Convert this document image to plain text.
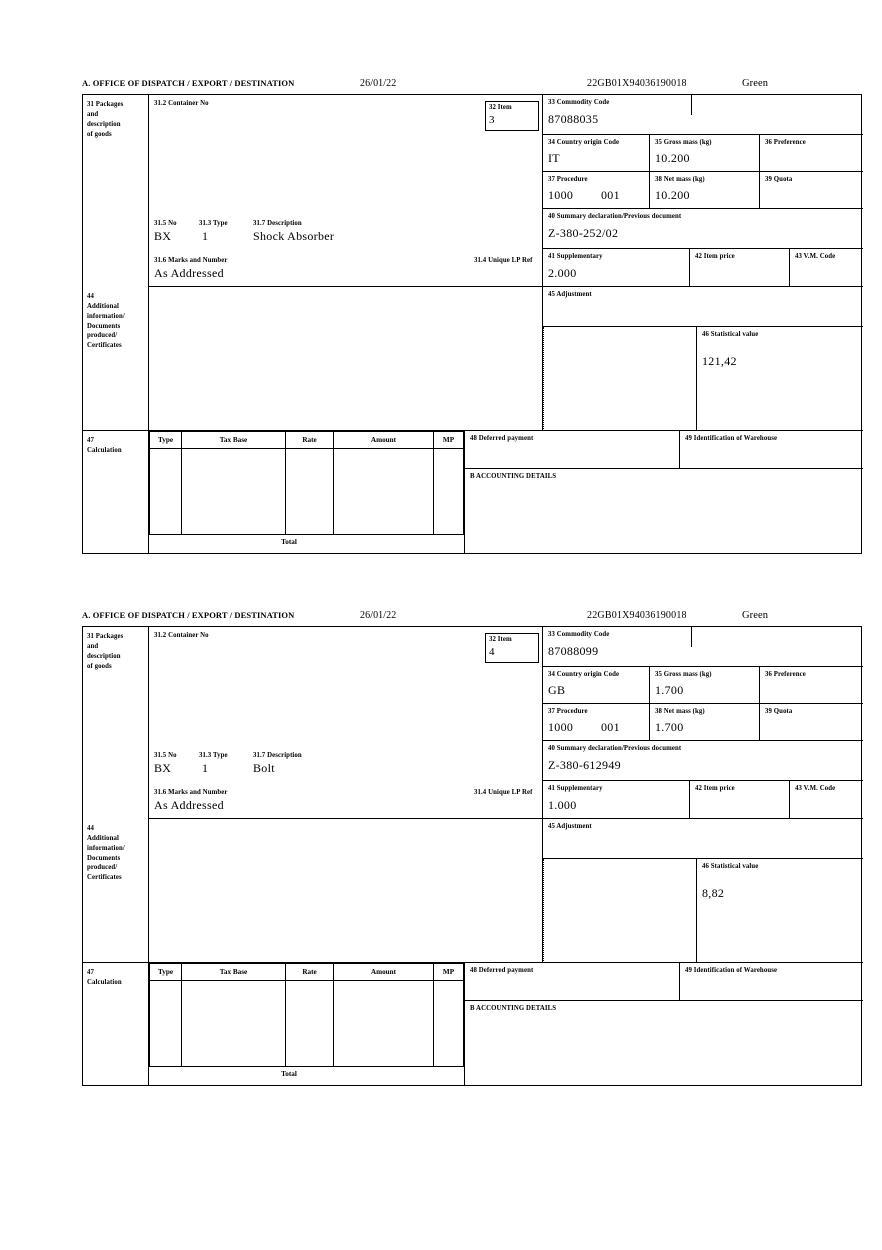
A. OFFICE OF DISPATCH / EXPORT / DESTINATION	26/01/22	22GB01X94036190018	Green
31 Packages
and
description
of goods
31.2 Container No
31.5 No	31.3 Type	31.7 Description
BX	1	Shock Absorber
31.6 Marks and Number	31.4 Unique LP Ref
As Addressed
32 Item
3
33 Commodity Code
87088035
34 Country origin Code
IT
35 Gross mass (kg)
10.200
36 Preference
37 Procedure
1000 001
38 Net mass (kg)
10.200
39 Quota
40 Summary declaration/Previous document
Z-380-252/02
41 Supplementary
2.000
42 Item price	43 V.M. Code
44
Additional
information/
Documents
produced/
Certificates
45 Adjustment
46 Statistical value
121,42
47
Calculation
Type	Tax Base	Rate	Amount	MP
Total
48 Deferred payment	49 Identification of Warehouse
B ACCOUNTING DETAILS
A. OFFICE OF DISPATCH / EXPORT / DESTINATION	26/01/22	22GB01X94036190018	Green
31 Packages
and
description
of goods
31.2 Container No
31.5 No	31.3 Type	31.7 Description
BX	1	Bolt
31.6 Marks and Number	31.4 Unique LP Ref
As Addressed
32 Item
4
33 Commodity Code
87088099
34 Country origin Code
GB
35 Gross mass (kg)
1.700
36 Preference
37 Procedure
1000 001
38 Net mass (kg)
1.700
39 Quota
40 Summary declaration/Previous document
Z-380-612949
41 Supplementary
1.000
42 Item price	43 V.M. Code
44
Additional
information/
Documents
produced/
Certificates
45 Adjustment
46 Statistical value
8,82
47
Calculation
Type	Tax Base	Rate	Amount	MP
Total
48 Deferred payment	49 Identification of Warehouse
B ACCOUNTING DETAILS
